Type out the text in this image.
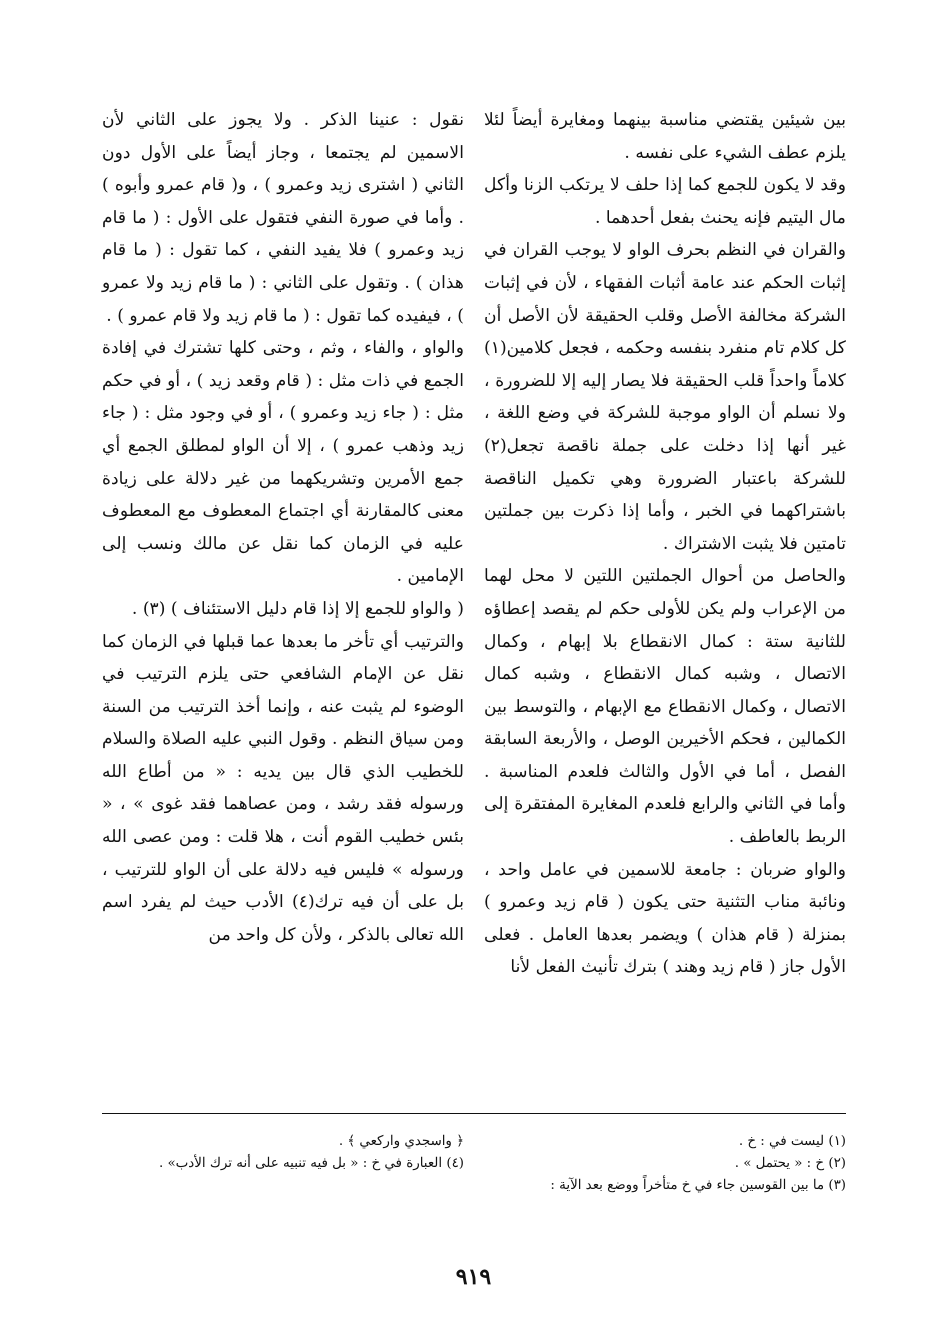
بين شيئين يقتضي مناسبة بينهما ومغايرة أيضاً لئلا يلزم عطف الشيء على نفسه .

وقد لا يكون للجمع كما إذا حلف لا يرتكب الزنا وأكل مال اليتيم فإنه يحنث بفعل أحدهما .

والقران في النظم بحرف الواو لا يوجب القران في إثبات الحكم عند عامة أثبات الفقهاء ، لأن في إثبات الشركة مخالفة الأصل وقلب الحقيقة لأن الأصل أن كل كلام تام منفرد بنفسه وحكمه ، فجعل كلامين(١) كلاماً واحداً قلب الحقيقة فلا يصار إليه إلا للضرورة ، ولا نسلم أن الواو موجبة للشركة في وضع اللغة ، غير أنها إذا دخلت على جملة ناقصة تجعل(٢) للشركة باعتبار الضرورة وهي تكميل الناقصة باشتراكهما في الخبر ، وأما إذا ذكرت بين جملتين تامتين فلا يثبت الاشتراك .

والحاصل من أحوال الجملتين اللتين لا محل لهما من الإعراب ولم يكن للأولى حكم لم يقصد إعطاؤه للثانية ستة : كمال الانقطاع بلا إبهام ، وكمال الاتصال ، وشبه كمال الانقطاع ، وشبه كمال الاتصال ، وكمال الانقطاع مع الإبهام ، والتوسط بين الكمالين ، فحكم الأخيرين الوصل ، والأربعة السابقة الفصل ، أما في الأول والثالث فلعدم المناسبة . وأما في الثاني والرابع فلعدم المغايرة المفتقرة إلى الربط بالعاطف .

والواو ضربان : جامعة للاسمين في عامل واحد ، ونائبة مناب التثنية حتى يكون ( قام زيد وعمرو ) بمنزلة ( قام هذان ) ويضمر بعدها العامل . فعلى الأول جاز ( قام زيد وهند ) بترك تأنيث الفعل لأنا

نقول : عنينا الذكر . ولا يجوز على الثاني لأن الاسمين لم يجتمعا ، وجاز أيضاً على الأول دون الثاني ( اشترى زيد وعمرو ) ، و( قام عمرو وأبوه ) . وأما في صورة النفي فتقول على الأول : ( ما قام زيد وعمرو ) فلا يفيد النفي ، كما تقول : ( ما قام هذان ) . وتقول على الثاني : ( ما قام زيد ولا عمرو ) ، فيفيده كما تقول : ( ما قام زيد ولا قام عمرو ) .

والواو ، والفاء ، وثم ، وحتى كلها تشترك في إفادة الجمع في ذات مثل : ( قام وقعد زيد ) ، أو في حكم مثل : ( جاء زيد وعمرو ) ، أو في وجود مثل : ( جاء زيد وذهب عمرو ) ، إلا أن الواو لمطلق الجمع أي جمع الأمرين وتشريكهما من غير دلالة على زيادة معنى كالمقارنة أي اجتماع المعطوف مع المعطوف عليه في الزمان كما نقل عن مالك ونسب إلى الإمامين .

( والواو للجمع إلا إذا قام دليل الاستئناف ) (٣) .

والترتيب أي تأخر ما بعدها عما قبلها في الزمان كما نقل عن الإمام الشافعي حتى يلزم الترتيب في الوضوء لم يثبت عنه ، وإنما أخذ الترتيب من السنة ومن سياق النظم . وقول النبي عليه الصلاة والسلام للخطيب الذي قال بين يديه : « من أطاع الله ورسوله فقد رشد ، ومن عصاهما فقد غوى » ، « بئس خطيب القوم أنت ، هلا قلت : ومن عصى الله ورسوله » فليس فيه دلالة على أن الواو للترتيب ، بل على أن فيه ترك(٤) الأدب حيث لم يفرد اسم الله تعالى بالذكر ، ولأن كل واحد من

(١) ليست في : خ .

(٢) خ : « يحتمل » .

(٣) ما بين القوسين جاء في خ متأخراً ووضع بعد الآية :

﴿ واسجدي واركعي ﴾ .

(٤) العبارة في خ : « بل فيه تنبيه على أنه ترك الأدب» .

٩١٩
